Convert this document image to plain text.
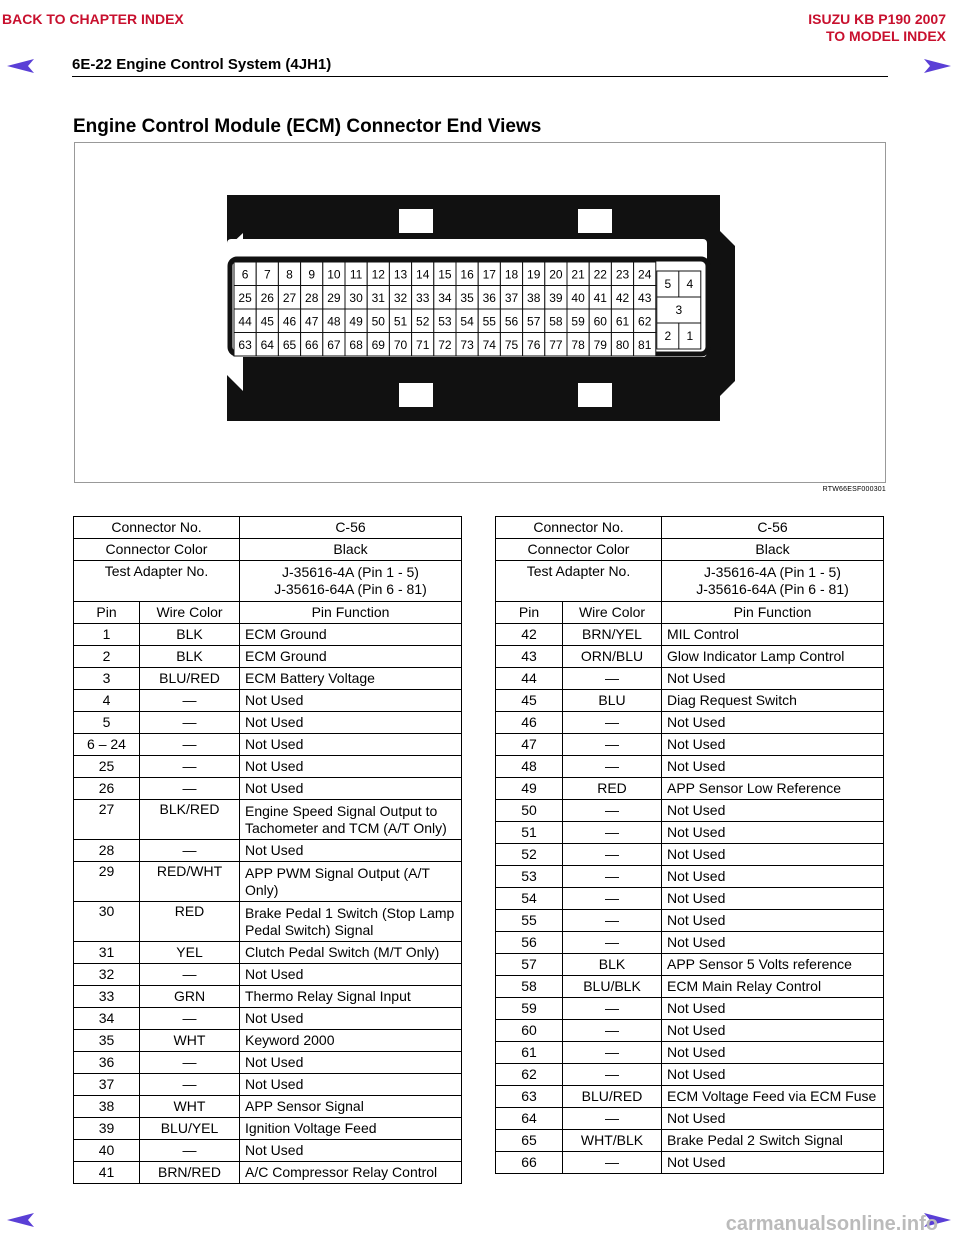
BACK TO CHAPTER INDEX	ISUZU KB P190 2007
TO MODEL INDEX
6E-22 Engine Control System (4JH1)
Engine Control Module (ECM) Connector End Views
6 7 8 9 10 11 12 13 14 15 16 17 18 19 20 21 22 23 24
25 26 27 28 29 30 31 32 33 34 35 36 37 38 39 40 41 42 43
44 45 46 47 48 49 50 51 52 53 54 55 56 57 58 59 60 61 62
63 64 65 66 67 68 69 70 71 72 73 74 75 76 77 78 79 80 81
5 4
3
2 1
RTW66ESF000301
Connector No.		C-56
Connector Color		Black
Test Adapter No.		J-35616-4A (Pin 1 - 5)
J-35616-64A (Pin 6 - 81)

Pin	Wire Color	Pin Function
1	BLK	ECM Ground
2	BLK	ECM Ground
3	BLU/RED	ECM Battery Voltage
4	—	Not Used
5	—	Not Used
6 – 24	—	Not Used
25	—	Not Used
26	—	Not Used
27	BLK/RED	Engine Speed Signal Output to Tachometer and TCM (A/T Only)
28	—	Not Used
29	RED/WHT	APP PWM Signal Output (A/T Only)
30	RED	Brake Pedal 1 Switch (Stop Lamp Pedal Switch) Signal
31	YEL	Clutch Pedal Switch (M/T Only)
32	—	Not Used
33	GRN	Thermo Relay Signal Input
34	—	Not Used
35	WHT	Keyword 2000
36	—	Not Used
37	—	Not Used
38	WHT	APP Sensor Signal
39	BLU/YEL	Ignition Voltage Feed
40	—	Not Used
41	BRN/RED	A/C Compressor Relay Control
Connector No.		C-56
Connector Color		Black
Test Adapter No.		J-35616-4A (Pin 1 - 5)
J-35616-64A (Pin 6 - 81)

Pin	Wire Color	Pin Function
42	BRN/YEL	MIL Control
43	ORN/BLU	Glow Indicator Lamp Control
44	—	Not Used
45	BLU	Diag Request Switch
46	—	Not Used
47	—	Not Used
48	—	Not Used
49	RED	APP Sensor Low Reference
50	—	Not Used
51	—	Not Used
52	—	Not Used
53	—	Not Used
54	—	Not Used
55	—	Not Used
56	—	Not Used
57	BLK	APP Sensor 5 Volts reference
58	BLU/BLK	ECM Main Relay Control
59	—	Not Used
60	—	Not Used
61	—	Not Used
62	—	Not Used
63	BLU/RED	ECM Voltage Feed via ECM Fuse
64	—	Not Used
65	WHT/BLK	Brake Pedal 2 Switch Signal
66	—	Not Used
carmanualsonline.info
